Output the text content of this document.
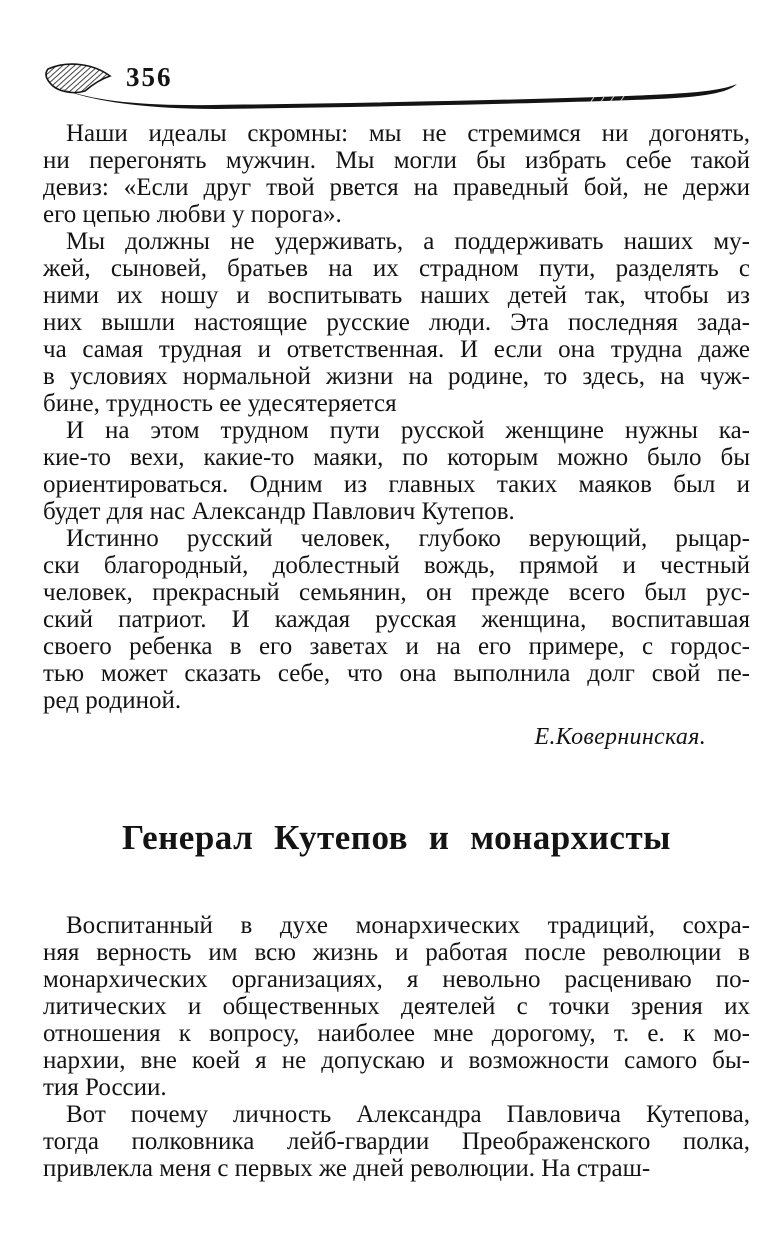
356
Наши идеалы скромны: мы не стремимся ни догонять,
ни перегонять мужчин. Мы могли бы избрать себе такой
девиз: «Если друг твой рвется на праведный бой, не держи
его цепью любви у порога».
Мы должны не удерживать, а поддерживать наших му-
жей, сыновей, братьев на их страдном пути, разделять с
ними их ношу и воспитывать наших детей так, чтобы из
них вышли настоящие русские люди. Эта последняя зада-
ча самая трудная и ответственная. И если она трудна даже
в условиях нормальной жизни на родине, то здесь, на чуж-
бине, трудность ее удесятеряется
И на этом трудном пути русской женщине нужны ка-
кие-то вехи, какие-то маяки, по которым можно было бы
ориентироваться. Одним из главных таких маяков был и
будет для нас Александр Павлович Кутепов.
Истинно русский человек, глубоко верующий, рыцар-
ски благородный, доблестный вождь, прямой и честный
человек, прекрасный семьянин, он прежде всего был рус-
ский патриот. И каждая русская женщина, воспитавшая
своего ребенка в его заветах и на его примере, с гордос-
тью может сказать себе, что она выполнила долг свой пе-
ред родиной.
Е.Ковернинская.
Генерал Кутепов и монархисты
Воспитанный в духе монархических традиций, сохра-
няя верность им всю жизнь и работая после революции в
монархических организациях, я невольно расцениваю по-
литических и общественных деятелей с точки зрения их
отношения к вопросу, наиболее мне дорогому, т. е. к мо-
нархии, вне коей я не допускаю и возможности самого бы-
тия России.
Вот почему личность Александра Павловича Кутепова,
тогда полковника лейб-гвардии Преображенского полка,
привлекла меня с первых же дней революции. На страш-
